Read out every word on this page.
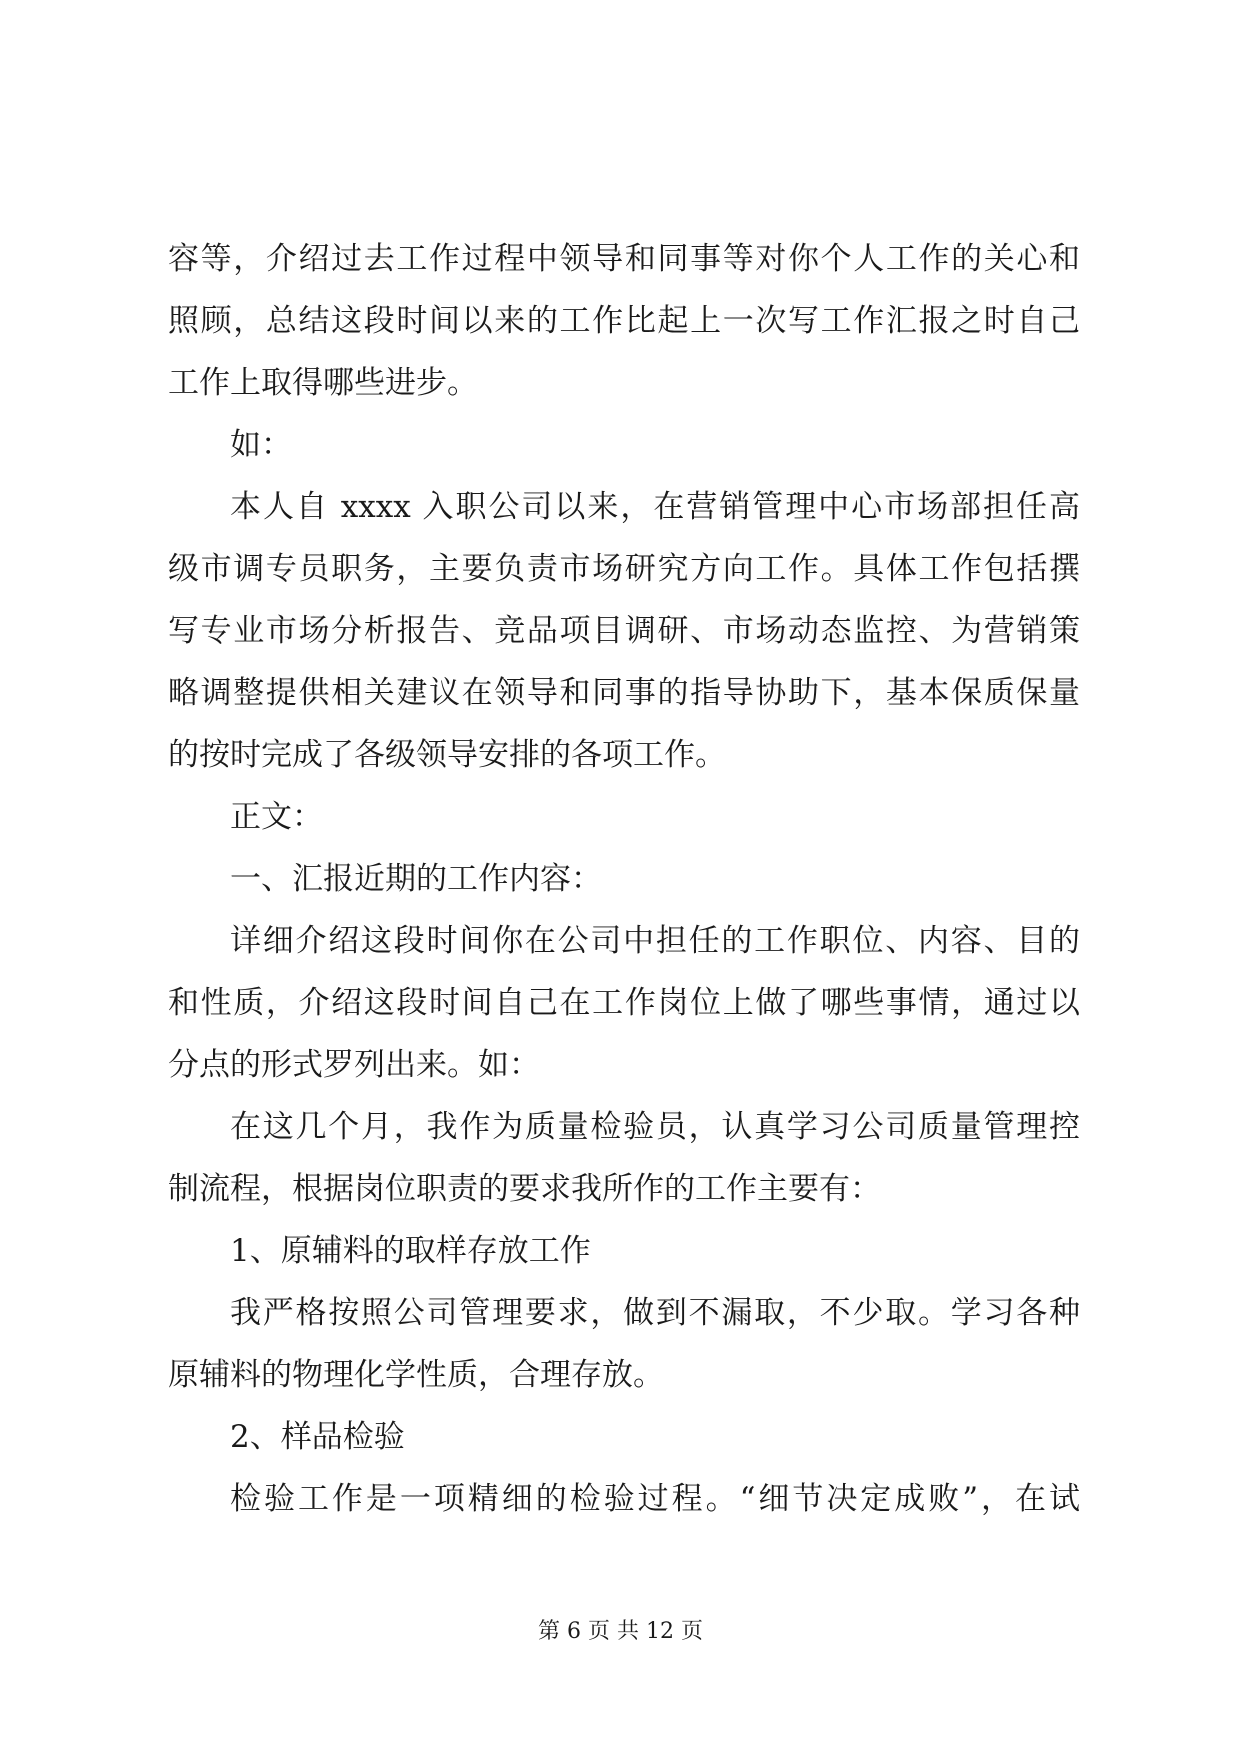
容等，介绍过去工作过程中领导和同事等对你个人工作的关心和
照顾，总结这段时间以来的工作比起上一次写工作汇报之时自己
工作上取得哪些进步。
如：
本人自 xxxx 入职公司以来，在营销管理中心市场部担任高
级市调专员职务，主要负责市场研究方向工作。具体工作包括撰
写专业市场分析报告、竞品项目调研、市场动态监控、为营销策
略调整提供相关建议在领导和同事的指导协助下，基本保质保量
的按时完成了各级领导安排的各项工作。
正文：
一、汇报近期的工作内容：
详细介绍这段时间你在公司中担任的工作职位、内容、目的
和性质，介绍这段时间自己在工作岗位上做了哪些事情，通过以
分点的形式罗列出来。如：
在这几个月，我作为质量检验员，认真学习公司质量管理控
制流程，根据岗位职责的要求我所作的工作主要有：
1、原辅料的取样存放工作
我严格按照公司管理要求，做到不漏取，不少取。学习各种
原辅料的物理化学性质，合理存放。
2、样品检验
检验工作是一项精细的检验过程。“细节决定成败”，在试
第 6 页 共 12 页
